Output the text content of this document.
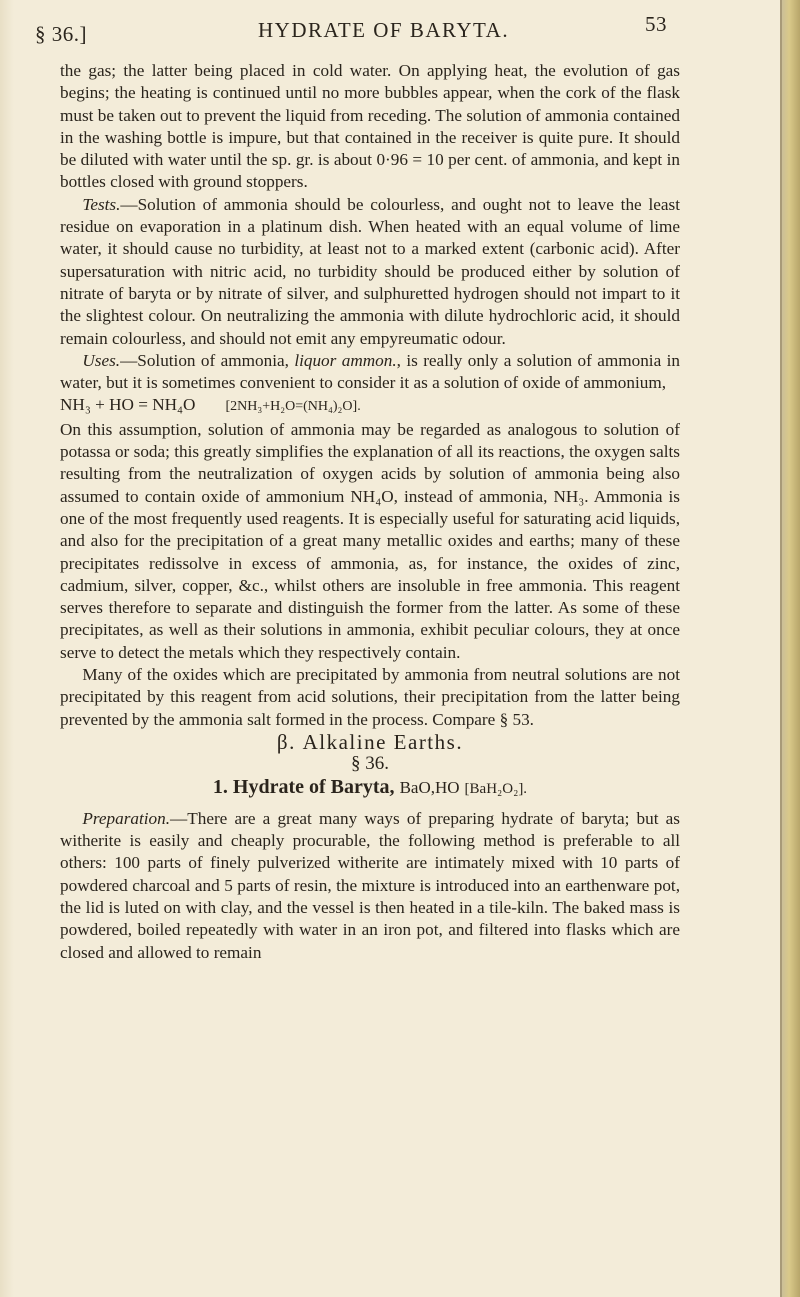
§ 36.]	HYDRATE OF BARYTA.	53

the gas; the latter being placed in cold water. On applying heat, the evolution of gas begins; the heating is continued until no more bubbles appear, when the cork of the flask must be taken out to prevent the liquid from receding. The solution of ammonia contained in the washing bottle is impure, but that contained in the receiver is quite pure. It should be diluted with water until the sp. gr. is about 0·96 = 10 per cent. of ammonia, and kept in bottles closed with ground stoppers.

Tests.—Solution of ammonia should be colourless, and ought not to leave the least residue on evaporation in a platinum dish. When heated with an equal volume of lime water, it should cause no turbidity, at least not to a marked extent (carbonic acid). After supersaturation with nitric acid, no turbidity should be produced either by solution of nitrate of baryta or by nitrate of silver, and sulphuretted hydrogen should not impart to it the slightest colour. On neutralizing the ammonia with dilute hydrochloric acid, it should remain colourless, and should not emit any empyreumatic odour.

Uses.—Solution of ammonia, liquor ammon., is really only a solution of ammonia in water, but it is sometimes convenient to consider it as a solution of oxide of ammonium,

NH₃ + HO = NH₄O [2NH₃+H₂O=(NH₄)₂O].

On this assumption, solution of ammonia may be regarded as analogous to solution of potassa or soda; this greatly simplifies the explanation of all its reactions, the oxygen salts resulting from the neutralization of oxygen acids by solution of ammonia being also assumed to contain oxide of ammonium NH₄O, instead of ammonia, NH₃. Ammonia is one of the most frequently used reagents. It is especially useful for saturating acid liquids, and also for the precipitation of a great many metallic oxides and earths; many of these precipitates redissolve in excess of ammonia, as, for instance, the oxides of zinc, cadmium, silver, copper, &c., whilst others are insoluble in free ammonia. This reagent serves therefore to separate and distinguish the former from the latter. As some of these precipitates, as well as their solutions in ammonia, exhibit peculiar colours, they at once serve to detect the metals which they respectively contain.

Many of the oxides which are precipitated by ammonia from neutral solutions are not precipitated by this reagent from acid solutions, their precipitation from the latter being prevented by the ammonia salt formed in the process. Compare § 53.

β. Alkaline Earths.

§ 36.

1. Hydrate of Baryta, BaO,HO [BaH₂O₂].

Preparation.—There are a great many ways of preparing hydrate of baryta; but as witherite is easily and cheaply procurable, the following method is preferable to all others: 100 parts of finely pulverized witherite are intimately mixed with 10 parts of powdered charcoal and 5 parts of resin, the mixture is introduced into an earthenware pot, the lid is luted on with clay, and the vessel is then heated in a tile-kiln. The baked mass is powdered, boiled repeatedly with water in an iron pot, and filtered into flasks which are closed and allowed to remain
